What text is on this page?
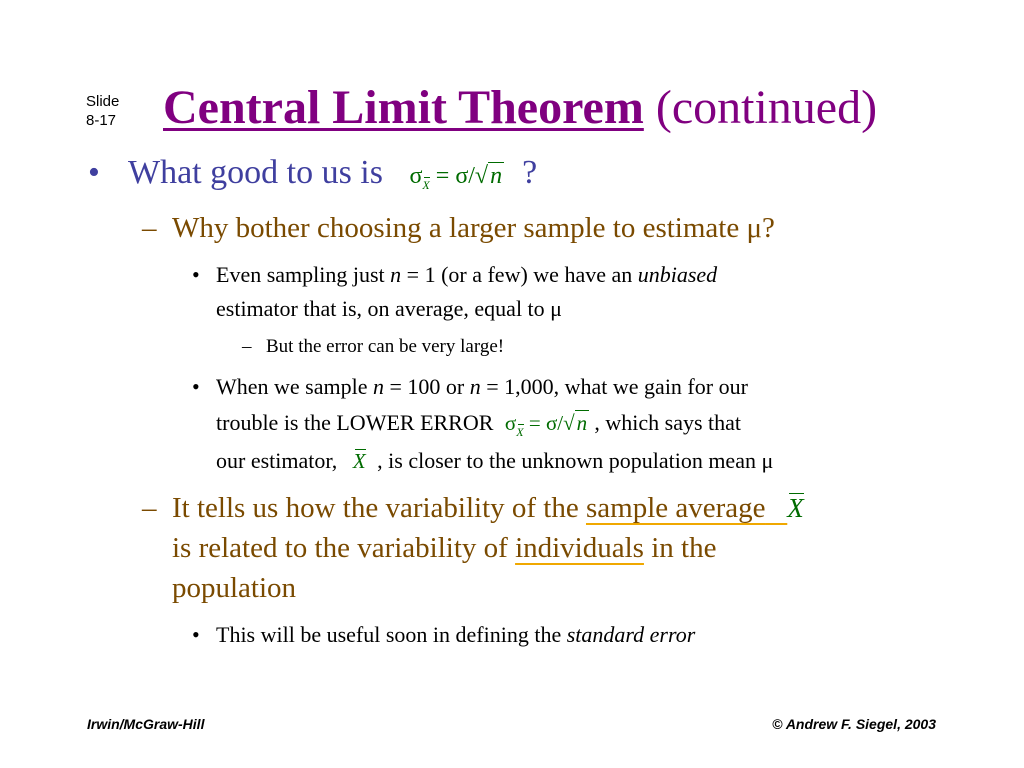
Slide
8-17 Central Limit Theorem (continued)
• What good to us is $\sigma_X = \sigma/√n$ ?
– Why bother choosing a larger sample to estimate μ?
• Even sampling just n = 1 (or a few) we have an unbiased
estimator that is, on average, equal to μ
– But the error can be very large!
• When we sample n = 100 or n = 1,000, what we gain for our
trouble is the LOWER ERROR $\sigma_X = \sigma/√n$ , which says that
our estimator, X , is closer to the unknown population mean μ
– It tells us how the variability of the sample average X
is related to the variability of individuals in the
population
• This will be useful soon in defining the standard error
Irwin/McGraw-Hill	© Andrew F. Siegel, 2003
